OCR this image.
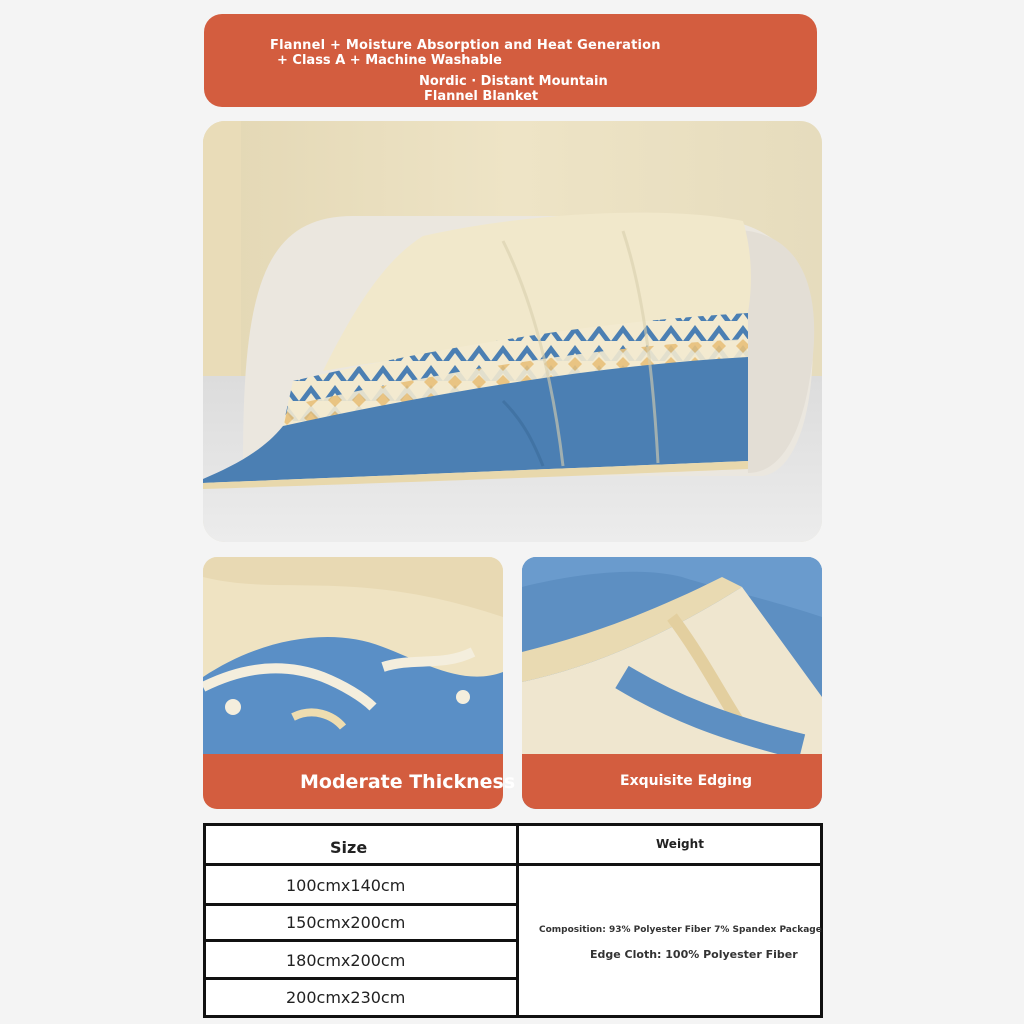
Flannel + Moisture Absorption and Heat Generation
+ Class A + Machine Washable
Nordic · Distant Mountain
Flannel Blanket
Moderate Thickness	Exquisite Edging
Size	Weight
100cmx140cm
150cmx200cm
180cmx200cm
200cmx230cm
Composition: 93% Polyester Fiber 7% Spandex Package
Edge Cloth: 100% Polyester Fiber
